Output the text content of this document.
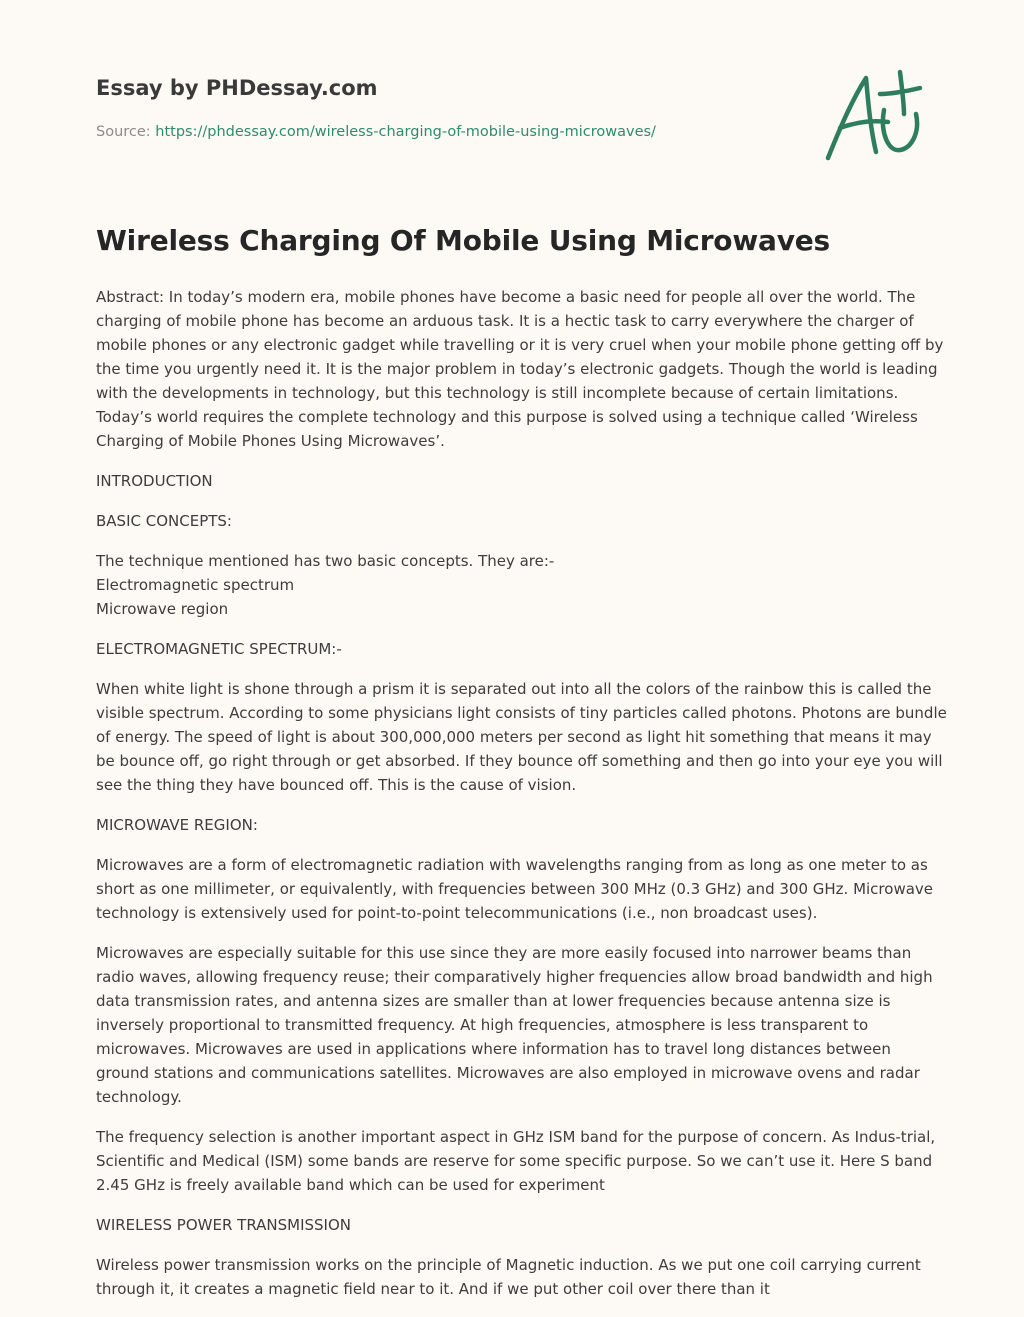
Essay by PHDessay.com
Source: https://phdessay.com/wireless-charging-of-mobile-using-microwaves/
Wireless Charging Of Mobile Using Microwaves

Abstract: In today’s modern era, mobile phones have become a basic need for people all over the world. The
charging of mobile phone has become an arduous task. It is a hectic task to carry everywhere the charger of
mobile phones or any electronic gadget while travelling or it is very cruel when your mobile phone getting off by
the time you urgently need it. It is the major problem in today’s electronic gadgets. Though the world is leading
with the developments in technology, but this technology is still incomplete because of certain limitations.
Today’s world requires the complete technology and this purpose is solved using a technique called ‘Wireless
Charging of Mobile Phones Using Microwaves’.

INTRODUCTION

BASIC CONCEPTS:

The technique mentioned has two basic concepts. They are:-
Electromagnetic spectrum
Microwave region

ELECTROMAGNETIC SPECTRUM:-

When white light is shone through a prism it is separated out into all the colors of the rainbow this is called the
visible spectrum. According to some physicians light consists of tiny particles called photons. Photons are bundle
of energy. The speed of light is about 300,000,000 meters per second as light hit something that means it may
be bounce off, go right through or get absorbed. If they bounce off something and then go into your eye you will
see the thing they have bounced off. This is the cause of vision.

MICROWAVE REGION:

Microwaves are a form of electromagnetic radiation with wavelengths ranging from as long as one meter to as
short as one millimeter, or equivalently, with frequencies between 300 MHz (0.3 GHz) and 300 GHz. Microwave
technology is extensively used for point-to-point telecommunications (i.e., non broadcast uses).

Microwaves are especially suitable for this use since they are more easily focused into narrower beams than
radio waves, allowing frequency reuse; their comparatively higher frequencies allow broad bandwidth and high
data transmission rates, and antenna sizes are smaller than at lower frequencies because antenna size is
inversely proportional to transmitted frequency. At high frequencies, atmosphere is less transparent to
microwaves. Microwaves are used in applications where information has to travel long distances between
ground stations and communications satellites. Microwaves are also employed in microwave ovens and radar
technology.

The frequency selection is another important aspect in GHz ISM band for the purpose of concern. As Indus-trial,
Scientific and Medical (ISM) some bands are reserve for some specific purpose. So we can’t use it. Here S band
2.45 GHz is freely available band which can be used for experiment

WIRELESS POWER TRANSMISSION

Wireless power transmission works on the principle of Magnetic induction. As we put one coil carrying current
through it, it creates a magnetic field near to it. And if we put other coil over there than it
